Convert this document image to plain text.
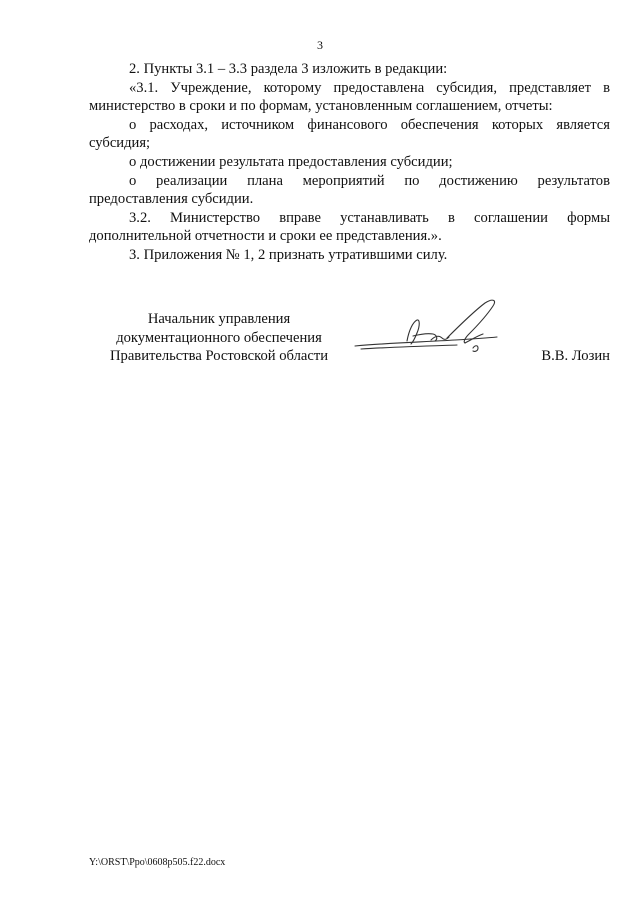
3

2. Пункты 3.1 – 3.3 раздела 3 изложить в редакции:

«3.1. Учреждение, которому предоставлена субсидия, представляет в министерство в сроки и по формам, установленным соглашением, отчеты:

о расходах, источником финансового обеспечения которых является субсидия;

о достижении результата предоставления субсидии;

о реализации плана мероприятий по достижению результатов предоставления субсидии.

3.2. Министерство вправе устанавливать в соглашении формы дополнительной отчетности и сроки ее представления.».

3. Приложения № 1, 2 признать утратившими силу.

Начальник управления
документационного обеспечения
Правительства Ростовской области	В.В. Лозин
Y:\ORST\Ppo\0608p505.f22.docx
